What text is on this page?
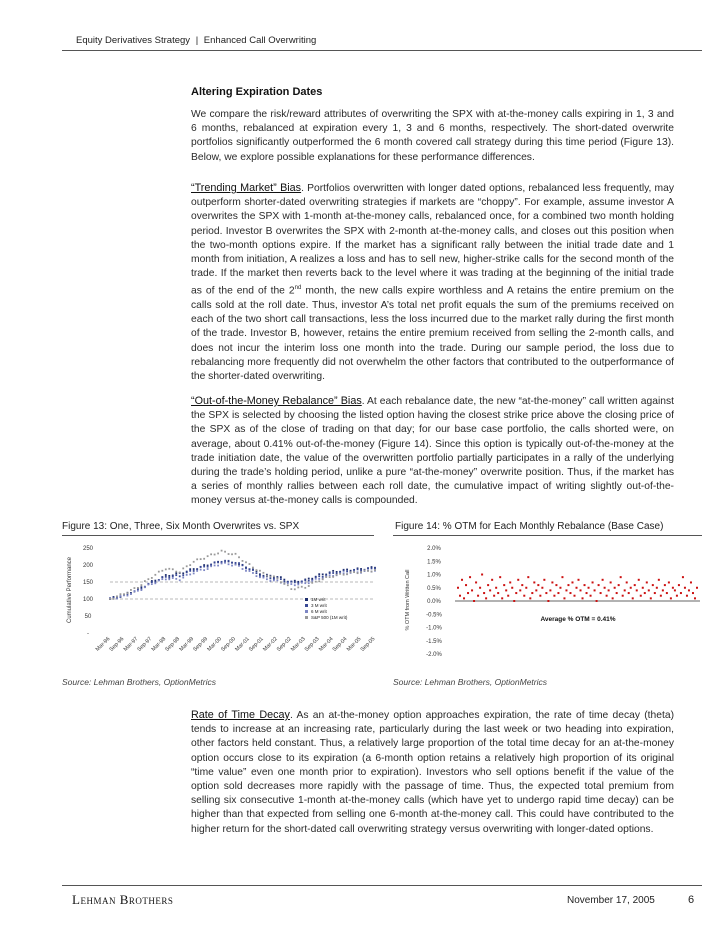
Equity Derivatives Strategy | Enhanced Call Overwriting
Altering Expiration Dates

We compare the risk/reward attributes of overwriting the SPX with at-the-money calls expiring in 1, 3 and 6 months, rebalanced at expiration every 1, 3 and 6 months, respectively. The short-dated overwrite portfolios significantly outperformed the 6 month covered call strategy during this time period (Figure 13). Below, we explore possible explanations for these performance differences.

“Trending Market” Bias. Portfolios overwritten with longer dated options, rebalanced less frequently, may outperform shorter-dated overwriting strategies if markets are “choppy”. For example, assume investor A overwrites the SPX with 1-month at-the-money calls, rebalanced once, for a combined two month holding period. Investor B overwrites the SPX with 2-month at-the-money calls, and closes out this position when the two-month options expire. If the market has a significant rally between the initial trade date and 1 month from initiation, A realizes a loss and has to sell new, higher-strike calls for the second month of the trade. If the market then reverts back to the level where it was trading at the beginning of the initial trade as of the end of the 2nd month, the new calls expire worthless and A retains the entire premium on the calls sold at the roll date. Thus, investor A’s total net profit equals the sum of the premiums received on each of the two short call transactions, less the loss incurred due to the market rally during the first month of the trade. Investor B, however, retains the entire premium received from selling the 2-month calls, and does not incur the interim loss one month into the trade. During our sample period, the loss due to rebalancing more frequently did not overwhelm the other factors that contributed to the outperformance of the shorter-dated overwriting.

“Out-of-the-Money Rebalance” Bias. At each rebalance date, the new “at-the-money” call written against the SPX is selected by choosing the listed option having the closest strike price above the closing price of the SPX as of the close of trading on that day; for our base case portfolio, the calls shorted were, on average, about 0.41% out-of-the-money (Figure 14). Since this option is typically out-of-the-money at the trade initiation date, the value of the overwritten portfolio partially participates in a rally of the underlying during the trade’s holding period, unlike a pure “at-the-money” overwrite position. Thus, if the market has a series of monthly rallies between each roll date, the cumulative impact of writing slightly out-of-the-money versus at-the-money calls is compounded.

Figure 13: One, Three, Six Month Overwrites vs. SPX
Cumulative Performance
-
50
100
150
200
250
Mar-96
Sep-96
Mar-97
Sep-97
Mar-98
Sep-98
Mar-99
Sep-99
Mar-00
Sep-00
Mar-01
Sep-01
Mar-02
Sep-02
Mar-03
Sep-03
Mar-04
Sep-04
Mar-05
Sep-05
1M writ
3 M writ
6 M writ
S&P 500 (1M writ)
Figure 14: % OTM for Each Monthly Rebalance (Base Case)
% OTM from Written Call
2.0%
1.5%
1.0%
0.5%
0.0%
-0.5%
-1.0%
-1.5%
-2.0%
Average % OTM = 0.41%
Source: Lehman Brothers, OptionMetrics	Source: Lehman Brothers, OptionMetrics

Rate of Time Decay. As an at-the-money option approaches expiration, the rate of time decay (theta) tends to increase at an increasing rate, particularly during the last week or two heading into expiration, other factors held constant. Thus, a relatively large proportion of the total time decay for an at-the-money option occurs close to its expiration (a 6-month option retains a relatively high proportion of its original “time value” even one month prior to expiration). Investors who sell options benefit if the value of the option sold decreases more rapidly with the passage of time. Thus, the expected total premium from selling six consecutive 1-month at-the-money calls (which have yet to undergo rapid time decay) can be higher than that expected from selling one 6-month at-the-money call. This could have contributed to the higher return for the short-dated call overwriting strategy versus overwriting with longer-dated options.

Lehman Brothers	November 17, 2005	6
